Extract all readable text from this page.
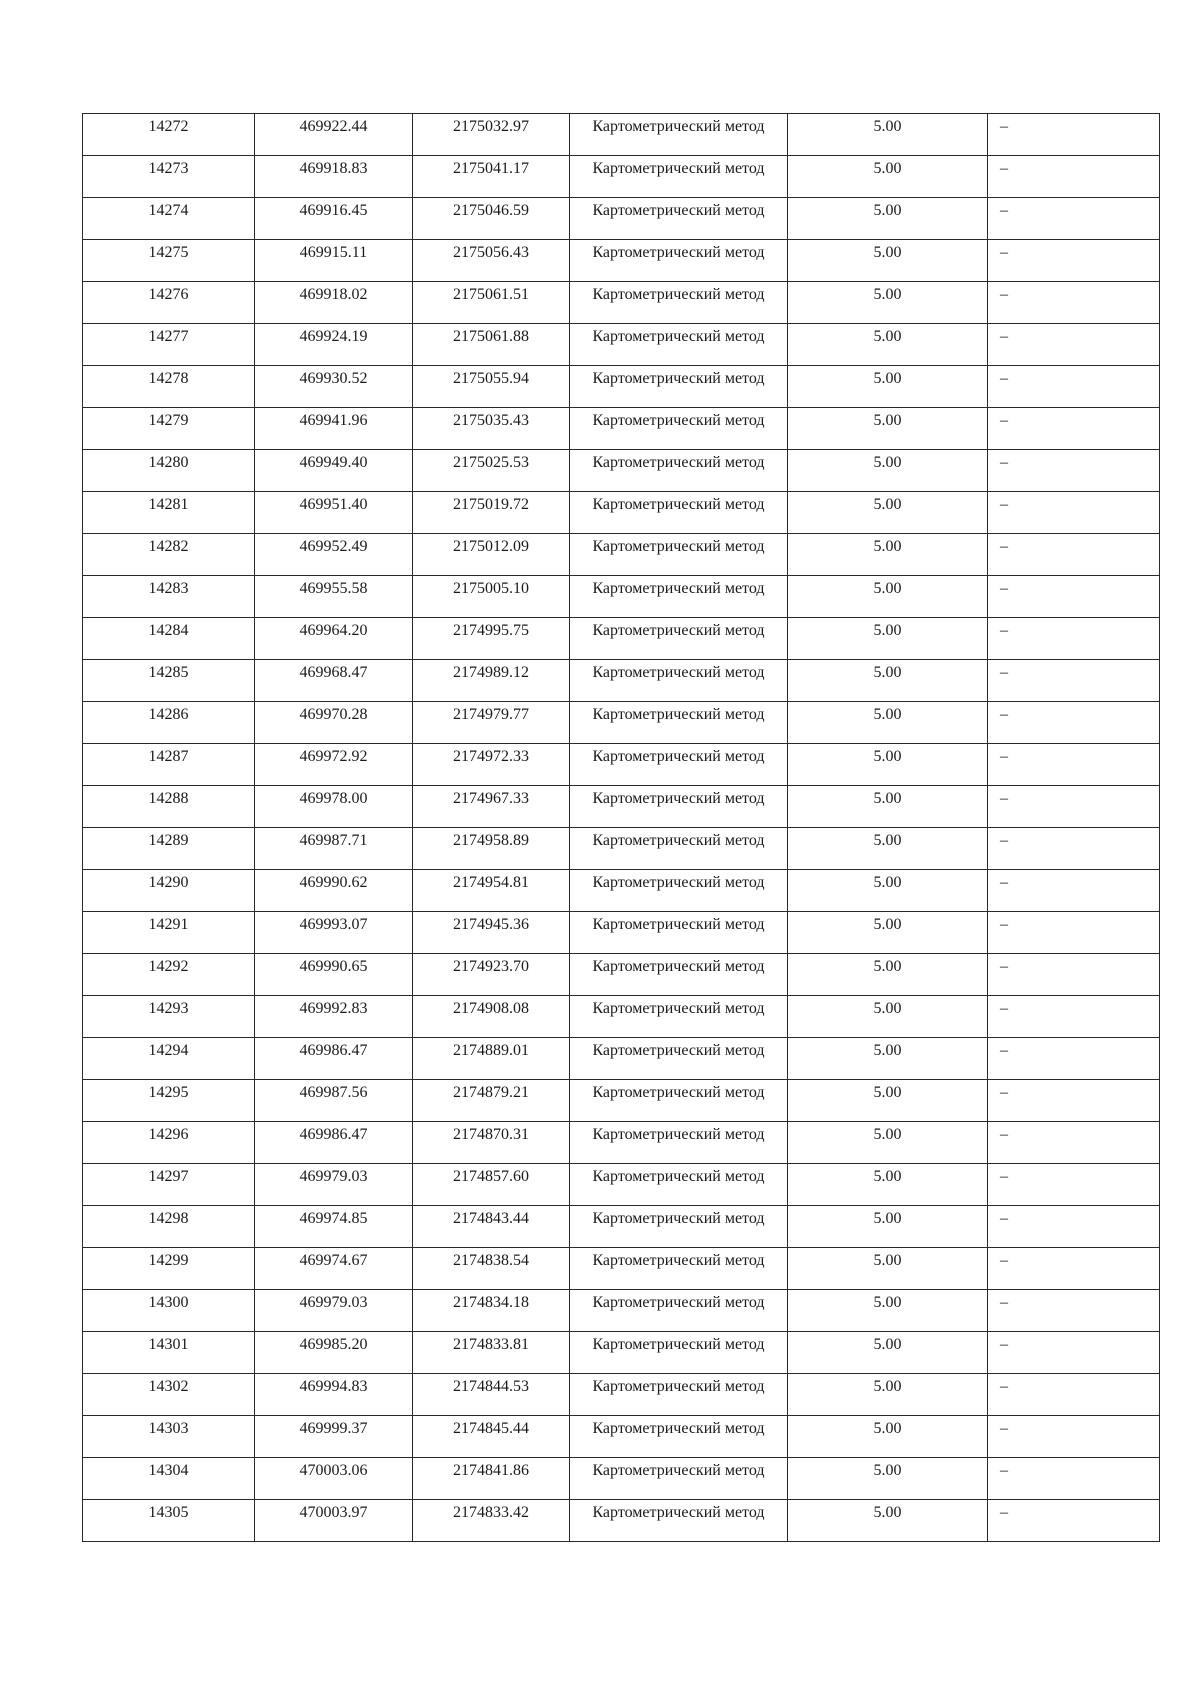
14272	469922.44	2175032.97	Картометрический метод	5.00	–

14273	469918.83	2175041.17	Картометрический метод	5.00	–

14274	469916.45	2175046.59	Картометрический метод	5.00	–

14275	469915.11	2175056.43	Картометрический метод	5.00	–

14276	469918.02	2175061.51	Картометрический метод	5.00	–

14277	469924.19	2175061.88	Картометрический метод	5.00	–

14278	469930.52	2175055.94	Картометрический метод	5.00	–

14279	469941.96	2175035.43	Картометрический метод	5.00	–

14280	469949.40	2175025.53	Картометрический метод	5.00	–

14281	469951.40	2175019.72	Картометрический метод	5.00	–

14282	469952.49	2175012.09	Картометрический метод	5.00	–

14283	469955.58	2175005.10	Картометрический метод	5.00	–

14284	469964.20	2174995.75	Картометрический метод	5.00	–

14285	469968.47	2174989.12	Картометрический метод	5.00	–

14286	469970.28	2174979.77	Картометрический метод	5.00	–

14287	469972.92	2174972.33	Картометрический метод	5.00	–

14288	469978.00	2174967.33	Картометрический метод	5.00	–

14289	469987.71	2174958.89	Картометрический метод	5.00	–

14290	469990.62	2174954.81	Картометрический метод	5.00	–

14291	469993.07	2174945.36	Картометрический метод	5.00	–

14292	469990.65	2174923.70	Картометрический метод	5.00	–

14293	469992.83	2174908.08	Картометрический метод	5.00	–

14294	469986.47	2174889.01	Картометрический метод	5.00	–

14295	469987.56	2174879.21	Картометрический метод	5.00	–

14296	469986.47	2174870.31	Картометрический метод	5.00	–

14297	469979.03	2174857.60	Картометрический метод	5.00	–

14298	469974.85	2174843.44	Картометрический метод	5.00	–

14299	469974.67	2174838.54	Картометрический метод	5.00	–

14300	469979.03	2174834.18	Картометрический метод	5.00	–

14301	469985.20	2174833.81	Картометрический метод	5.00	–

14302	469994.83	2174844.53	Картометрический метод	5.00	–

14303	469999.37	2174845.44	Картометрический метод	5.00	–

14304	470003.06	2174841.86	Картометрический метод	5.00	–

14305	470003.97	2174833.42	Картометрический метод	5.00	–
